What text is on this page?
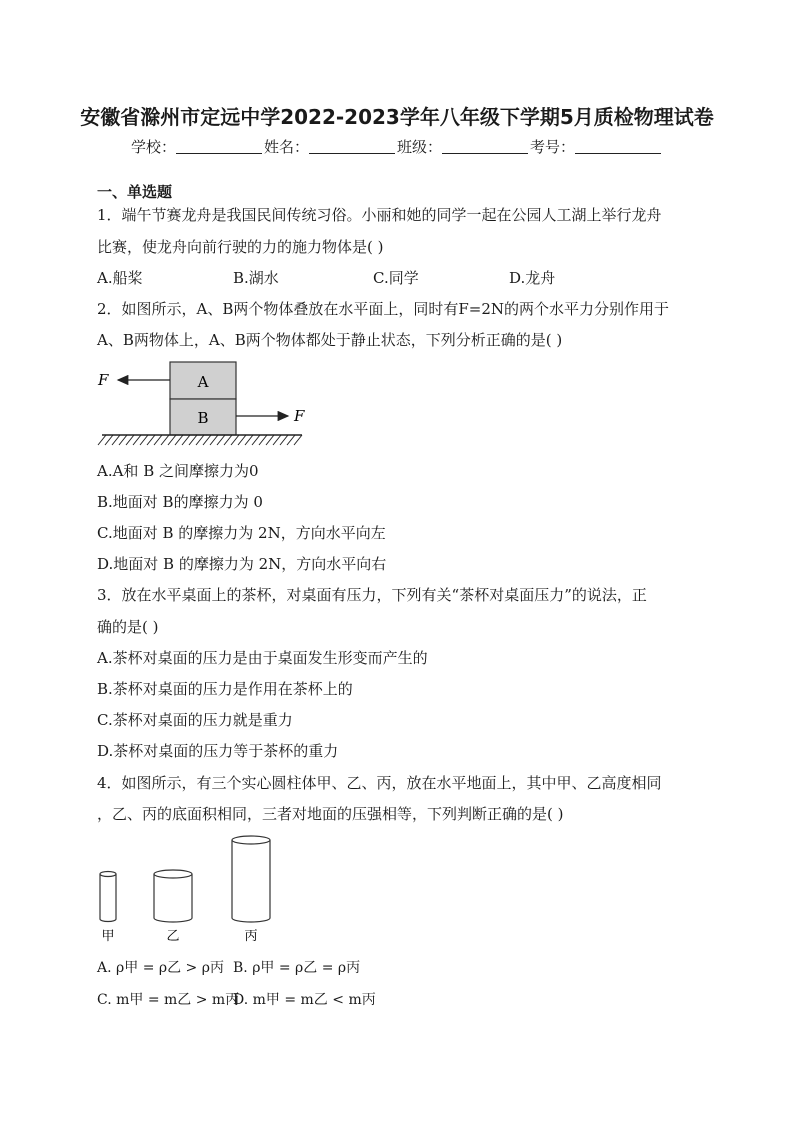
安徽省滁州市定远中学2022-2023学年八年级下学期5月质检物理试卷
学校：	姓名：	班级：	考号：
一、单选题
1．端午节赛龙舟是我国民间传统习俗。小丽和她的同学一起在公园人工湖上举行龙舟
比赛，使龙舟向前行驶的力的施力物体是( )
A.船桨	B.湖水	C.同学	D.龙舟
2．如图所示，A、B两个物体叠放在水平面上，同时有F=2N的两个水平力分别作用于
A、B两物体上，A、B两个物体都处于静止状态，下列分析正确的是( )
A
B
F
F
A.A和 B 之间摩擦力为0
B.地面对 B的摩擦力为 0
C.地面对 B 的摩擦力为 2N，方向水平向左
D.地面对 B 的摩擦力为 2N，方向水平向右
3．放在水平桌面上的茶杯，对桌面有压力，下列有关“茶杯对桌面压力”的说法，正
确的是( )
A.茶杯对桌面的压力是由于桌面发生形变而产生的
B.茶杯对桌面的压力是作用在茶杯上的
C.茶杯对桌面的压力就是重力
D.茶杯对桌面的压力等于茶杯的重力
4．如图所示，有三个实心圆柱体甲、乙、丙，放在水平地面上，其中甲、乙高度相同
，乙、丙的底面积相同，三者对地面的压强相等，下列判断正确的是( )
甲	乙	丙
A. ρ甲 = ρ乙 > ρ丙 B. ρ甲 = ρ乙 = ρ丙
C. m甲 = m乙 > m丙
D. m甲 = m乙 < m丙
